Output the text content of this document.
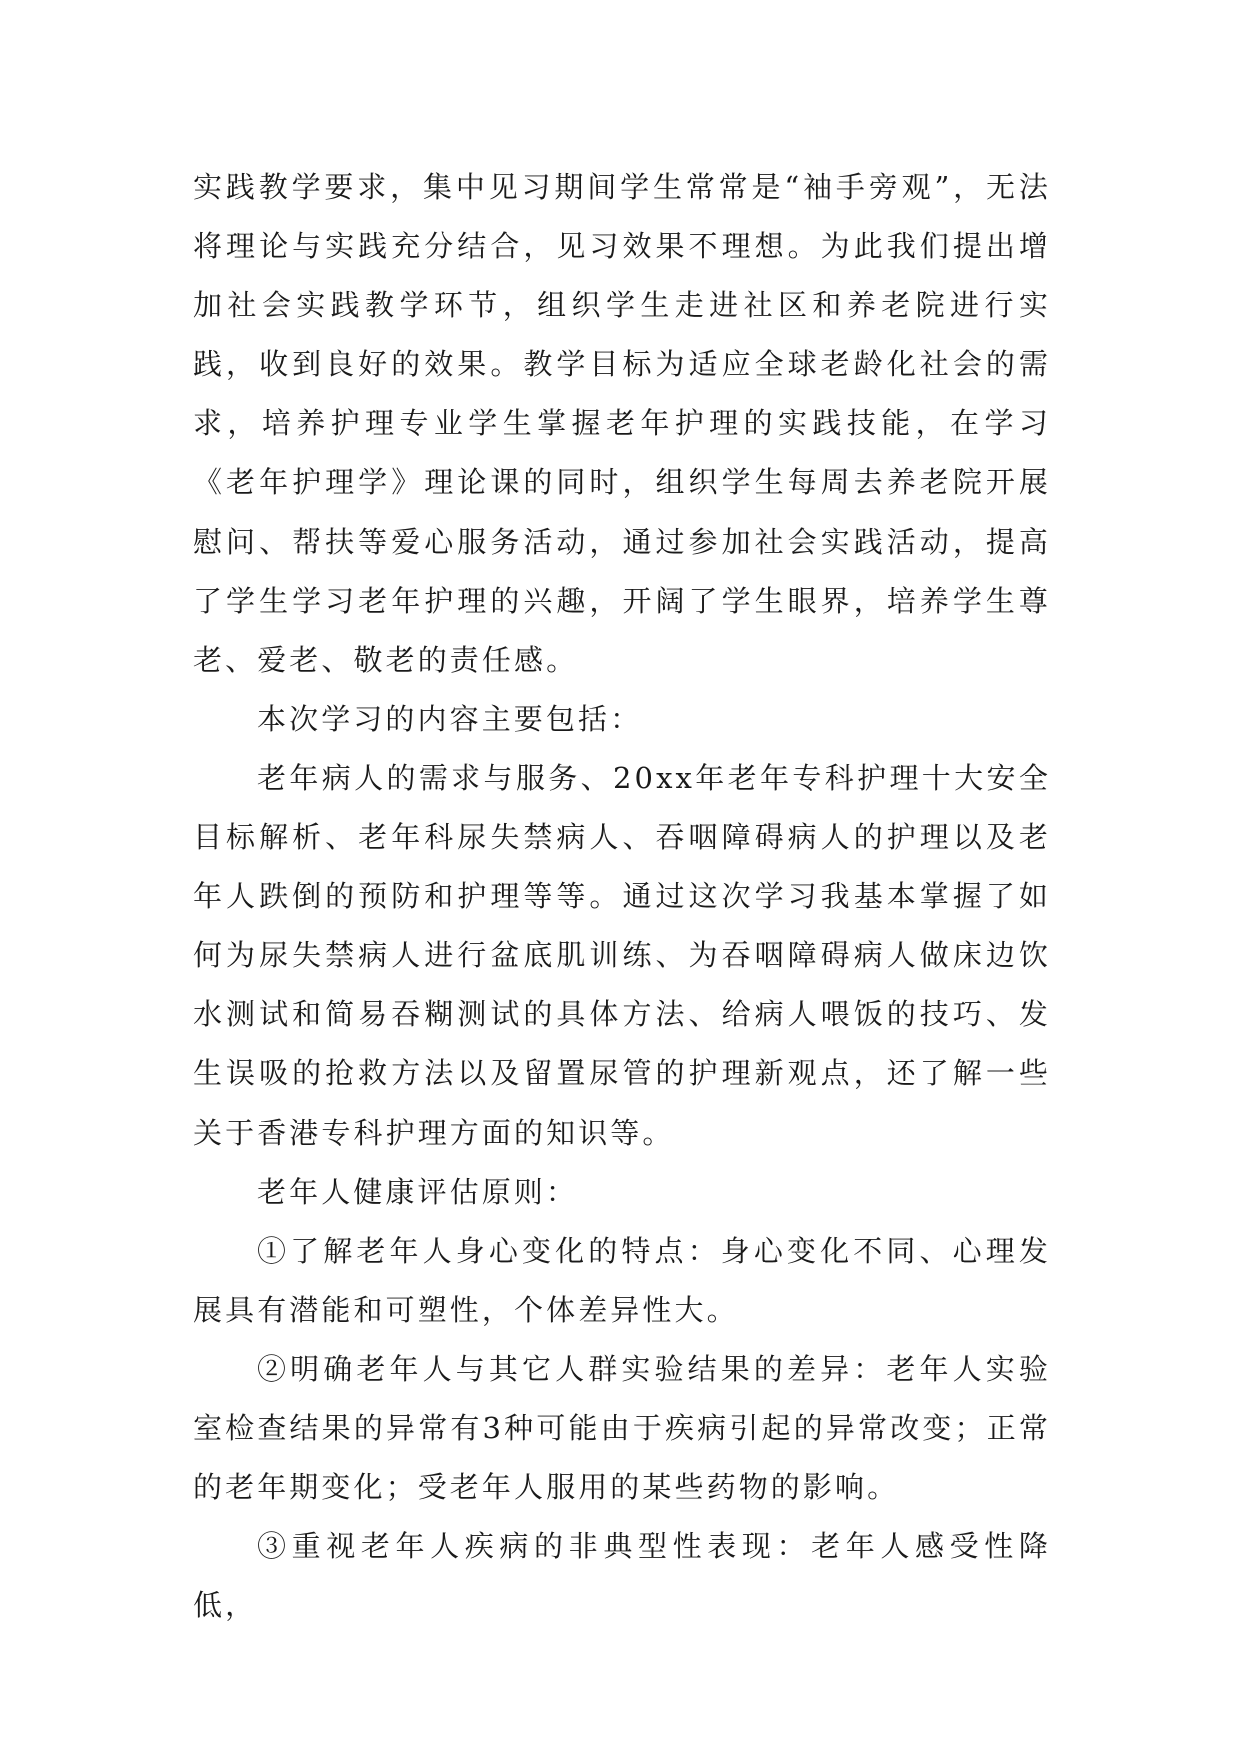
实践教学要求，集中见习期间学生常常是“袖手旁观”，无法将理论与实践充分结合，见习效果不理想。为此我们提出增加社会实践教学环节，组织学生走进社区和养老院进行实践，收到良好的效果。教学目标为适应全球老龄化社会的需求，培养护理专业学生掌握老年护理的实践技能，在学习《老年护理学》理论课的同时，组织学生每周去养老院开展慰问、帮扶等爱心服务活动，通过参加社会实践活动，提高了学生学习老年护理的兴趣，开阔了学生眼界，培养学生尊老、爱老、敬老的责任感。

本次学习的内容主要包括：

老年病人的需求与服务、20xx年老年专科护理十大安全目标解析、老年科尿失禁病人、吞咽障碍病人的护理以及老年人跌倒的预防和护理等等。通过这次学习我基本掌握了如何为尿失禁病人进行盆底肌训练、为吞咽障碍病人做床边饮水测试和简易吞糊测试的具体方法、给病人喂饭的技巧、发生误吸的抢救方法以及留置尿管的护理新观点，还了解一些关于香港专科护理方面的知识等。

老年人健康评估原则：

①了解老年人身心变化的特点：身心变化不同、心理发展具有潜能和可塑性，个体差异性大。

②明确老年人与其它人群实验结果的差异：老年人实验室检查结果的异常有3种可能由于疾病引起的异常改变；正常的老年期变化；受老年人服用的某些药物的影响。

③重视老年人疾病的非典型性表现：老年人感受性降低，
